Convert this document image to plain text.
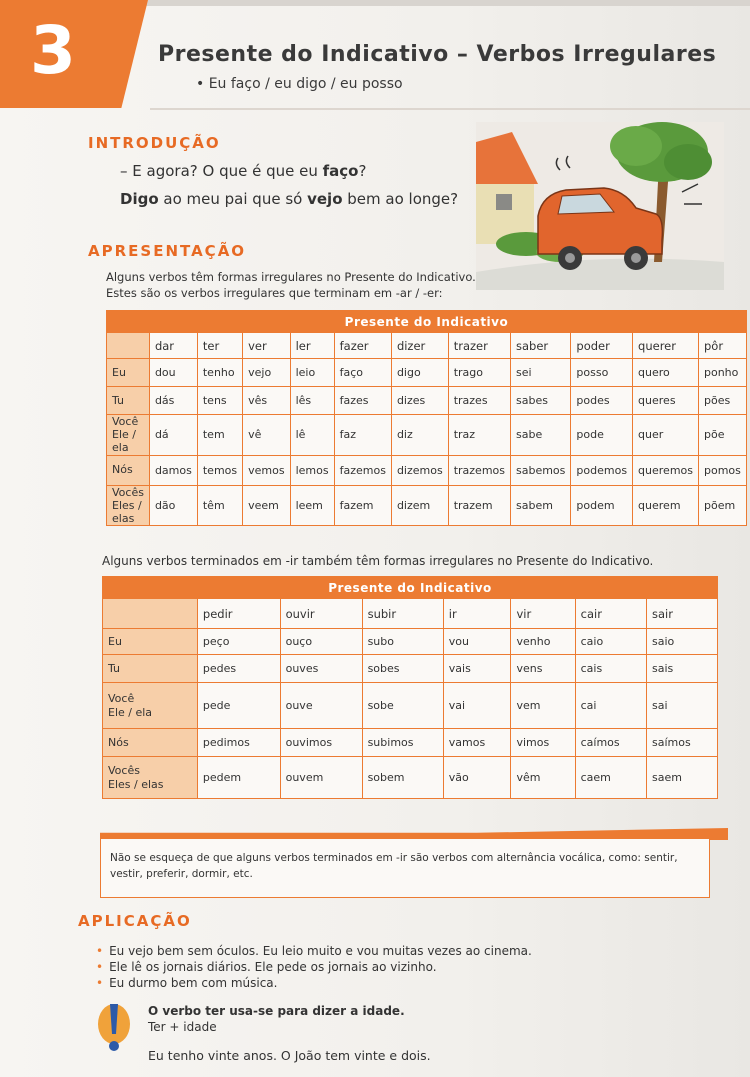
3	Presente do Indicativo – Verbos Irregulares
• Eu faço / eu digo / eu posso
INTRODUÇÃO
– E agora? O que é que eu faço?
Digo ao meu pai que só vejo bem ao longe?
APRESENTAÇÃO
Alguns verbos têm formas irregulares no Presente do Indicativo.
Estes são os verbos irregulares que terminam em -ar / -er:
Presente do Indicativo											
	dar	ter	ver	ler	fazer	dizer	trazer	saber	poder	querer	pôr
Eu	dou	tenho	vejo	leio	faço	digo	trago	sei	posso	quero	ponho
Tu	dás	tens	vês	lês	fazes	dizes	trazes	sabes	podes	queres	pões
Você
Ele / ela	dá	tem	vê	lê	faz	diz	traz	sabe	pode	quer	põe
Nós	damos	temos	vemos	lemos	fazemos	dizemos	trazemos	sabemos	podemos	queremos	pomos
Vocês
Eles / elas	dão	têm	veem	leem	fazem	dizem	trazem	sabem	podem	querem	põem
Alguns verbos terminados em -ir também têm formas irregulares no Presente do Indicativo.
Presente do Indicativo							
	pedir	ouvir	subir	ir	vir	cair	sair
Eu	peço	ouço	subo	vou	venho	caio	saio
Tu	pedes	ouves	sobes	vais	vens	cais	sais
Você
Ele / ela	pede	ouve	sobe	vai	vem	cai	sai
Nós	pedimos	ouvimos	subimos	vamos	vimos	caímos	saímos
Vocês
Eles / elas	pedem	ouvem	sobem	vão	vêm	caem	saem
Não se esqueça de que alguns verbos terminados em -ir são verbos com alternância vocálica, como: sentir, vestir, preferir, dormir, etc.
APLICAÇÃO
• Eu vejo bem sem óculos. Eu leio muito e vou muitas vezes ao cinema.
• Ele lê os jornais diários. Ele pede os jornais ao vizinho.
• Eu durmo bem com música.
O verbo ter usa-se para dizer a idade.
Ter + idade
Eu tenho vinte anos. O João tem vinte e dois.
